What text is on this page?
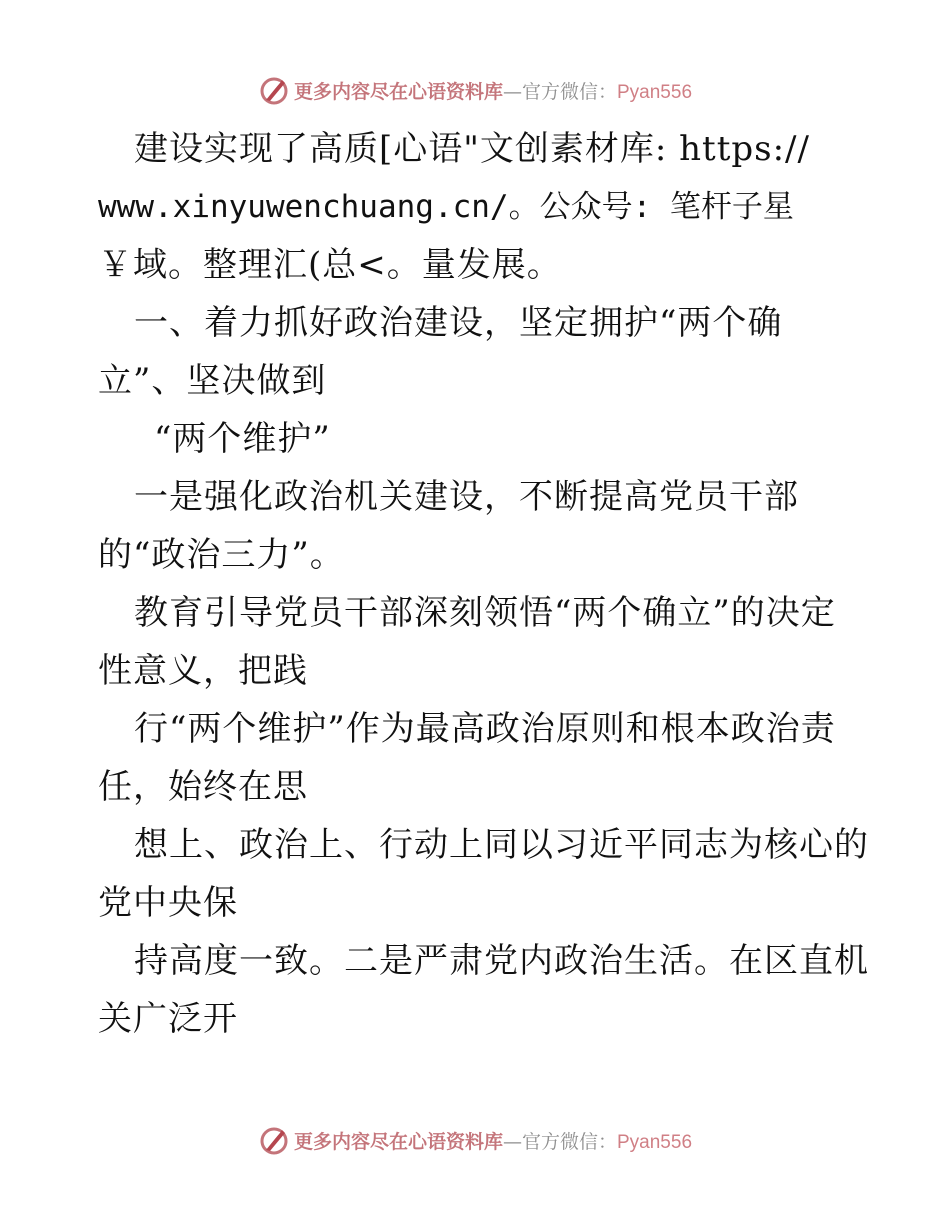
更多内容尽在心语资料库 —官方微信： Pyan556
建设实现了高质[心语"文创素材库: https://
www.xinyuwenchuang.cn/。公众号: 笔杆子星
￥域。整理汇(总<。量发展。
一、着力抓好政治建设，坚定拥护“两个确
立”、坚决做到
“两个维护”
一是强化政治机关建设，不断提高党员干部
的“政治三力”。
教育引导党员干部深刻领悟“两个确立”的决定
性意义，把践
行“两个维护”作为最高政治原则和根本政治责
任，始终在思
想上、政治上、行动上同以习近平同志为核心的
党中央保
持高度一致。二是严肃党内政治生活。在区直机
关广泛开
更多内容尽在心语资料库 —官方微信： Pyan556
